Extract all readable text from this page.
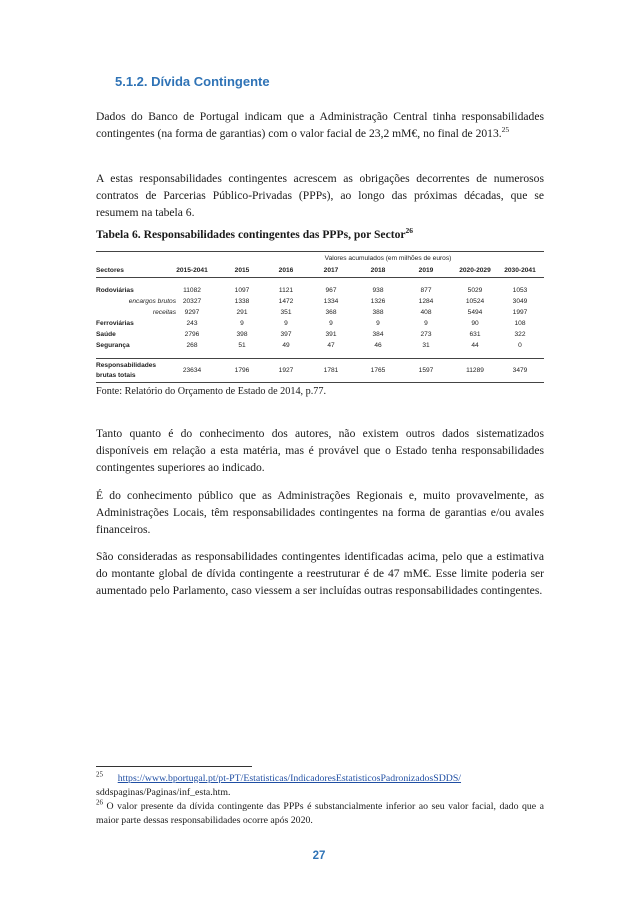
5.1.2. Dívida Contingente

Dados do Banco de Portugal indicam que a Administração Central tinha responsabilidades contingentes (na forma de garantias) com o valor facial de 23,2 mM€, no final de 2013.25

A estas responsabilidades contingentes acrescem as obrigações decorrentes de numerosos contratos de Parcerias Público-Privadas (PPPs), ao longo das próximas décadas, que se resumem na tabela 6.

Tabela 6. Responsabilidades contingentes das PPPs, por Sector$^{26}$

Valores acumulados (em milhões de euros)
Sectores	2015-2041	2015	2016	2017	2018	2019	2020-2029	2030-2041
Rodoviárias	11082	1097	1121	967	938	877	5029	1053
encargos brutos	20327	1338	1472	1334	1326	1284	10524	3049
receitas	9297	291	351	368	388	408	5494	1997
Ferroviárias	243	9	9	9	9	9	90	108
Saúde	2796	398	397	391	384	273	631	322
Segurança	268	51	49	47	46	31	44	0
Responsabilidades
brutas totais
23634	1796	1927	1781	1765	1597	11289	3479

Fonte: Relatório do Orçamento de Estado de 2014, p.77.

Tanto quanto é do conhecimento dos autores, não existem outros dados sistematizados disponíveis em relação a esta matéria, mas é provável que o Estado tenha responsabilidades contingentes superiores ao indicado.

É do conhecimento público que as Administrações Regionais e, muito provavelmente, as Administrações Locais, têm responsabilidades contingentes na forma de garantias e/ou avales financeiros.

São consideradas as responsabilidades contingentes identificadas acima, pelo que a estimativa do montante global de dívida contingente a reestruturar é de 47 mM€. Esse limite poderia ser aumentado pelo Parlamento, caso viessem a ser incluídas outras responsabilidades contingentes.

$^{25}$ https://www.bportugal.pt/pt-PT/Estatisticas/IndicadoresEstatisticosPadronizadosSDDS/
sddspaginas/Paginas/inf_esta.htm.

$^{26}$ O valor presente da dívida contingente das PPPs é substancialmente inferior ao seu valor facial, dado que a maior parte dessas responsabilidades ocorre após 2020.

27
